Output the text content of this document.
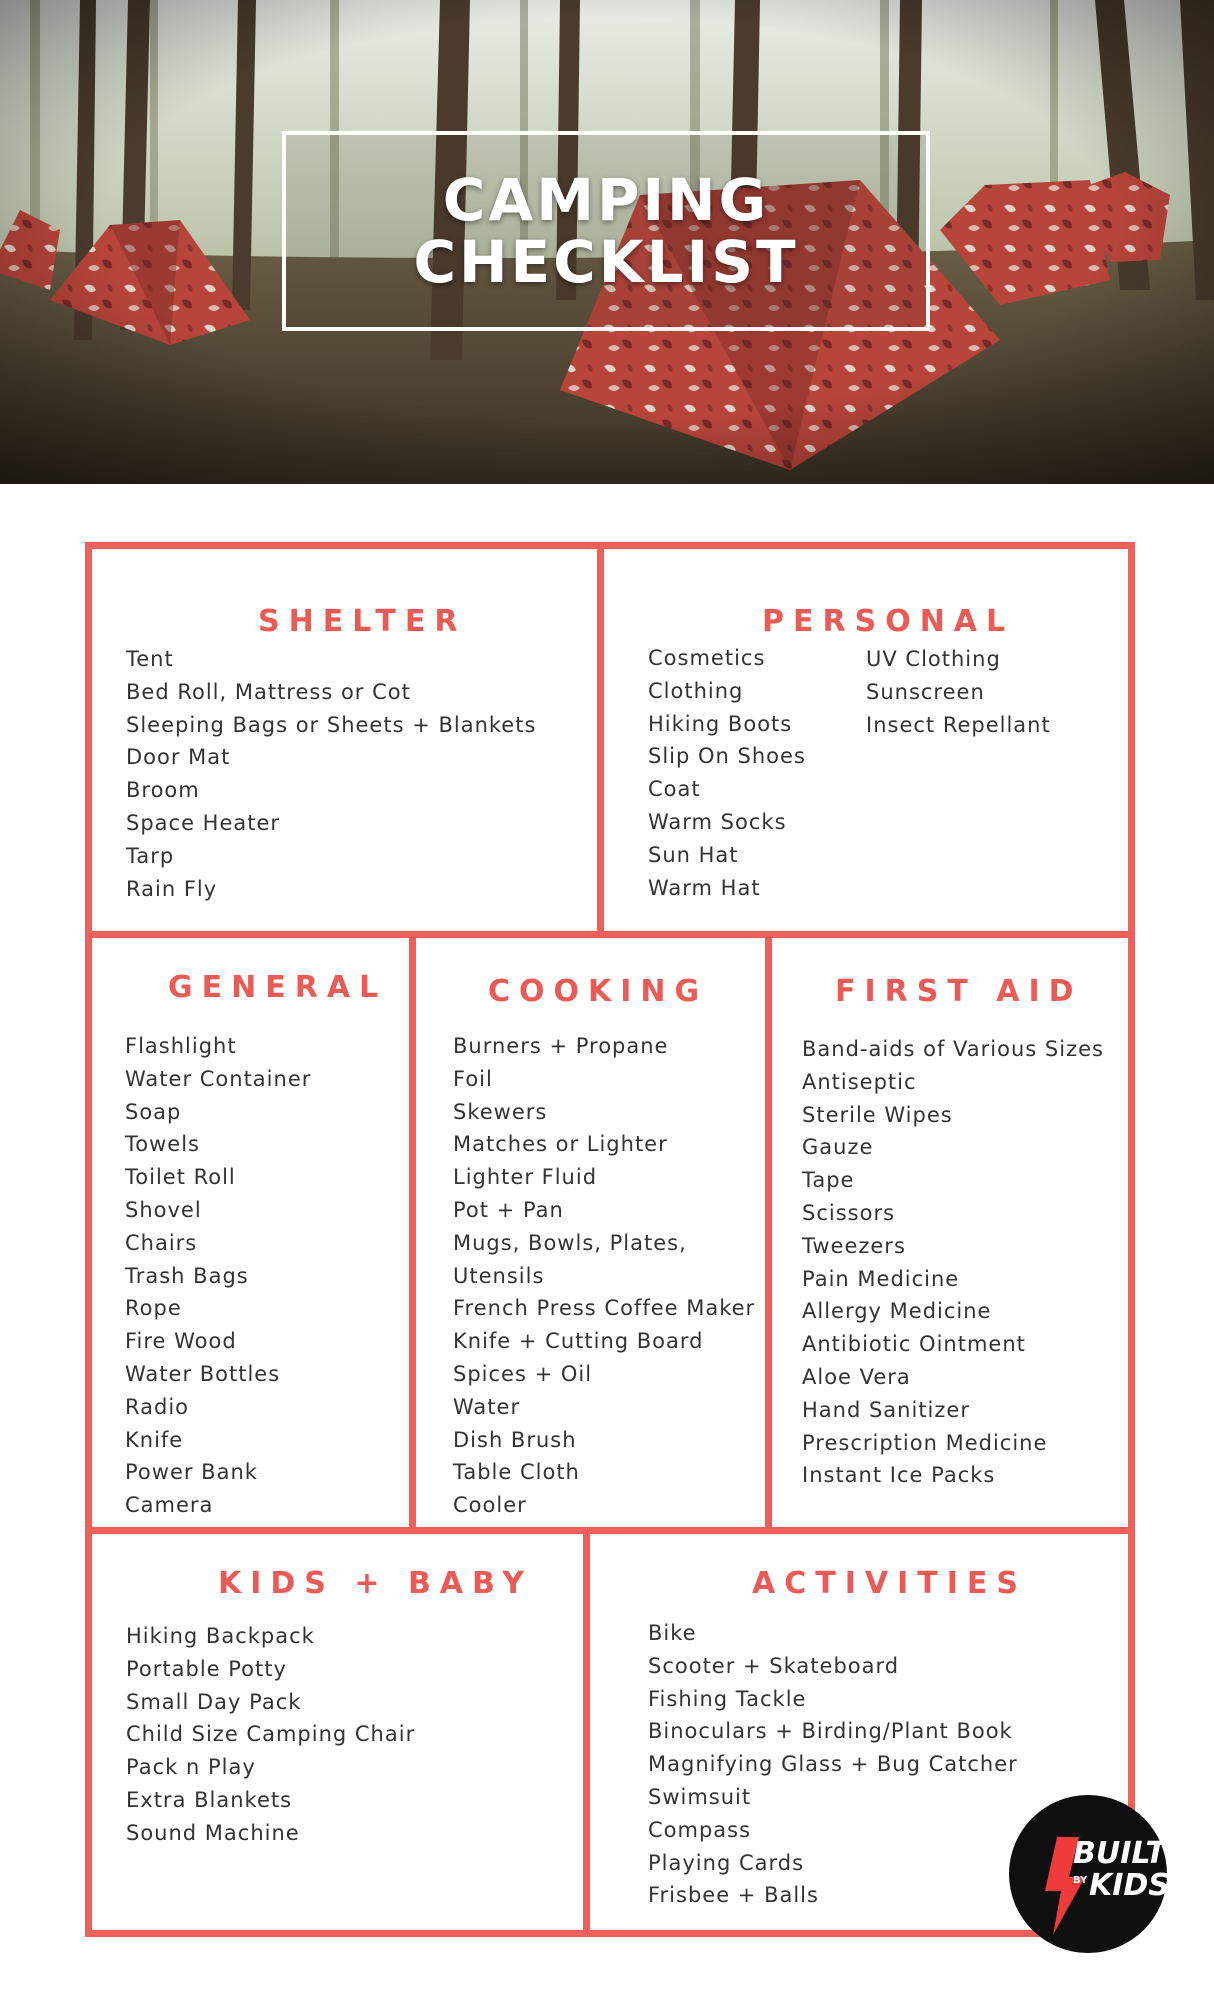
CAMPING
CHECKLIST
SHELTER
Tent
Bed Roll, Mattress or Cot
Sleeping Bags or Sheets + Blankets
Door Mat
Broom
Space Heater
Tarp
Rain Fly
PERSONAL
Cosmetics
Clothing
Hiking Boots
Slip On Shoes
Coat
Warm Socks
Sun Hat
Warm Hat
UV Clothing
Sunscreen
Insect Repellant
GENERAL
Flashlight
Water Container
Soap
Towels
Toilet Roll
Shovel
Chairs
Trash Bags
Rope
Fire Wood
Water Bottles
Radio
Knife
Power Bank
Camera
COOKING
Burners + Propane
Foil
Skewers
Matches or Lighter
Lighter Fluid
Pot + Pan
Mugs, Bowls, Plates,
Utensils
French Press Coffee Maker
Knife + Cutting Board
Spices + Oil
Water
Dish Brush
Table Cloth
Cooler
FIRST AID
Band-aids of Various Sizes
Antiseptic
Sterile Wipes
Gauze
Tape
Scissors
Tweezers
Pain Medicine
Allergy Medicine
Antibiotic Ointment
Aloe Vera
Hand Sanitizer
Prescription Medicine
Instant Ice Packs
KIDS + BABY
Hiking Backpack
Portable Potty
Small Day Pack
Child Size Camping Chair
Pack n Play
Extra Blankets
Sound Machine
ACTIVITIES
Bike
Scooter + Skateboard
Fishing Tackle
Binoculars + Birding/Plant Book
Magnifying Glass + Bug Catcher
Swimsuit
Compass
Playing Cards
Frisbee + Balls
BUILT
BY KIDS
